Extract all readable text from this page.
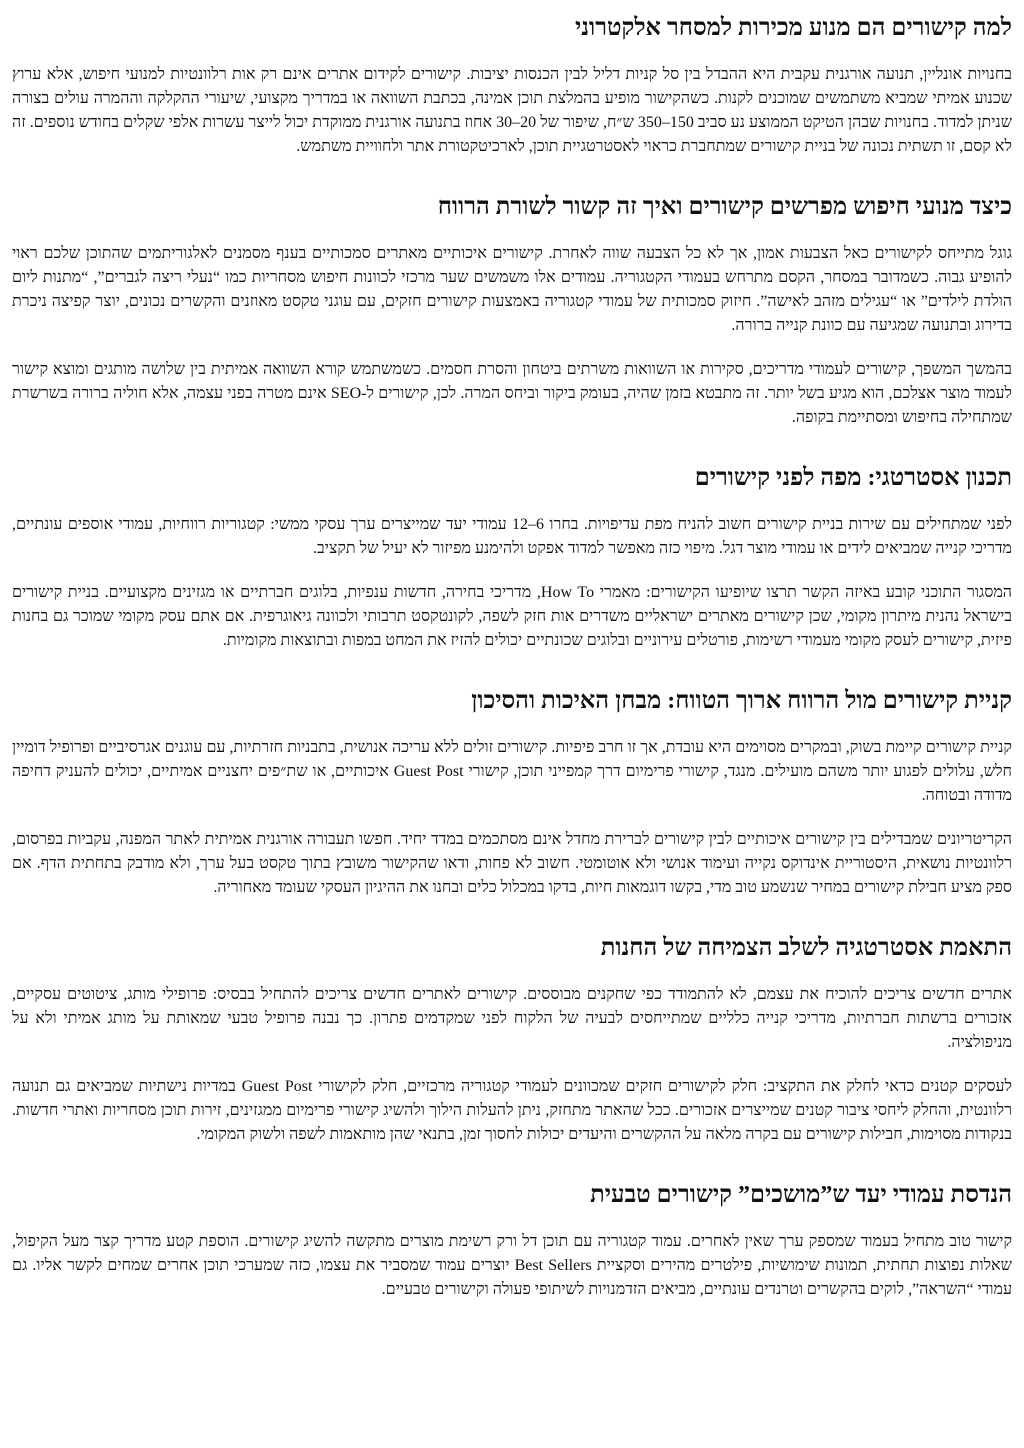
למה קישורים הם מנוע מכירות למסחר אלקטרוני

בחנויות אונליין, תנועה אורגנית עקבית היא ההבדל בין סל קניות דליל לבין הכנסות יציבות. קישורים לקידום אתרים אינם רק אות רלוונטיות למנועי חיפוש, אלא ערוץ שכנוע אמיתי שמביא משתמשים שמוכנים לקנות. כשהקישור מופיע בהמלצת תוכן אמינה, בכתבת השוואה או במדריך מקצועי, שיעורי ההקלקה וההמרה עולים בצורה שניתן למדוד. בחנויות שבהן הטיקט הממוצע נע סביב 150–350 ש״ח, שיפור של 20–30 אחוז בתנועה אורגנית ממוקדת יכול לייצר עשרות אלפי שקלים בחודש נוספים. זה לא קסם, זו תשתית נכונה של בניית קישורים שמתחברת כראוי לאסטרטגיית תוכן, לארכיטקטורת אתר ולחוויית משתמש.

כיצד מנועי חיפוש מפרשים קישורים ואיך זה קשור לשורת הרווח

גוגל מתייחס לקישורים כאל הצבעות אמון, אך לא כל הצבעה שווה לאחרת. קישורים איכותיים מאתרים סמכותיים בענף מסמנים לאלגוריתמים שהתוכן שלכם ראוי להופיע גבוה. כשמדובר במסחר, הקסם מתרחש בעמודי הקטגוריה. עמודים אלו משמשים שער מרכזי לכוונות חיפוש מסחריות כמו “נעלי ריצה לגברים”, “מתנות ליום הולדת לילדים” או “עגילים מזהב לאישה”. חיזוק סמכותית של עמודי קטגוריה באמצעות קישורים חזקים, עם עוגני טקסט מאוזנים והקשרים נכונים, יוצר קפיצה ניכרת בדירוג ובתנועה שמגיעה עם כוונת קנייה ברורה.

בהמשך המשפך, קישורים לעמודי מדריכים, סקירות או השוואות משרתים ביטחון והסרת חסמים. כשמשתמש קורא השוואה אמיתית בין שלושה מותגים ומוצא קישור לעמוד מוצר אצלכם, הוא מגיע בשל יותר. זה מתבטא בזמן שהיה, בעומק ביקור וביחס המרה. לכן, קישורים ל-SEO אינם מטרה בפני עצמה, אלא חוליה ברורה בשרשרת שמתחילה בחיפוש ומסתיימת בקופה.

תכנון אסטרטגי: מפה לפני קישורים

לפני שמתחילים עם שירות בניית קישורים חשוב להניח מפת עדיפויות. בחרו 6–12 עמודי יעד שמייצרים ערך עסקי ממשי: קטגוריות רווחיות, עמודי אוספים עונתיים, מדריכי קנייה שמביאים לידים או עמודי מוצר דגל. מיפוי כזה מאפשר למדוד אפקט ולהימנע מפיזור לא יעיל של תקציב.

המסגור התוכני קובע באיזה הקשר תרצו שיופיעו הקישורים: מאמרי How To, מדריכי בחירה, חדשות ענפיות, בלוגים חברתיים או מגזינים מקצועיים. בניית קישורים בישראל נהנית מיתרון מקומי, שכן קישורים מאתרים ישראליים משדרים אות חזק לשפה, לקונטקסט תרבותי ולכוונה גיאוגרפית. אם אתם עסק מקומי שמוכר גם בחנות פיזית, קישורים לעסק מקומי מעמודי רשימות, פורטלים עירוניים ובלוגים שכונתיים יכולים להזיז את המחט במפות ובתוצאות מקומיות.

קניית קישורים מול הרווח ארוך הטווח: מבחן האיכות והסיכון

קניית קישורים קיימת בשוק, ובמקרים מסוימים היא עובדת, אך זו חרב פיפיות. קישורים זולים ללא עריכה אנושית, בתבניות חזרתיות, עם עוגנים אגרסיביים ופרופיל דומיין חלש, עלולים לפגוע יותר משהם מועילים. מנגד, קישורי פרימיום דרך קמפייני תוכן, קישורי Guest Post איכותיים, או שת״פים יחצניים אמיתיים, יכולים להעניק דחיפה מדודה ובטוחה.

הקריטריונים שמבדילים בין קישורים איכותיים לבין קישורים לברירת מחדל אינם מסתכמים במדד יחיד. חפשו תעבורה אורגנית אמיתית לאתר המפנה, עקביות בפרסום, רלוונטיות נושאית, היסטוריית אינדוקס נקייה ועימוד אנושי ולא אוטומטי. חשוב לא פחות, ודאו שהקישור משובץ בתוך טקסט בעל ערך, ולא מודבק בתחתית הדף. אם ספק מציע חבילת קישורים במחיר שנשמע טוב מדי, בקשו דוגמאות חיות, בדקו במכלול כלים ובחנו את ההיגיון העסקי שעומד מאחוריה.

התאמת אסטרטגיה לשלב הצמיחה של החנות

אתרים חדשים צריכים להוכיח את עצמם, לא להתמודד כפי שחקנים מבוססים. קישורים לאתרים חדשים צריכים להתחיל בבסיס: פרופילי מותג, ציטוטים עסקיים, אזכורים ברשתות חברתיות, מדריכי קנייה כלליים שמתייחסים לבעיה של הלקוח לפני שמקדמים פתרון. כך נבנה פרופיל טבעי שמאותת על מותג אמיתי ולא על מניפולציה.

לעסקים קטנים כדאי לחלק את התקציב: חלק לקישורים חזקים שמכוונים לעמודי קטגוריה מרכזיים, חלק לקישורי Guest Post במדיות נישתיות שמביאים גם תנועה רלוונטית, והחלק ליחסי ציבור קטנים שמייצרים אזכורים. ככל שהאתר מתחזק, ניתן להעלות הילוך ולהשיג קישורי פרימיום ממגזינים, זירות תוכן מסחריות ואתרי חדשות. בנקודות מסוימות, חבילות קישורים עם בקרה מלאה על ההקשרים והיעדים יכולות לחסוך זמן, בתנאי שהן מותאמות לשפה ולשוק המקומי.

הנדסת עמודי יעד ש”מושכים” קישורים טבעית

קישור טוב מתחיל בעמוד שמספק ערך שאין לאחרים. עמוד קטגוריה עם תוכן דל ורק רשימת מוצרים מתקשה להשיג קישורים. הוספת קטע מדריך קצר מעל הקיפול, שאלות נפוצות תחתית, תמונות שימושיות, פילטרים מהירים וסקציית Best Sellers יוצרים עמוד שמסביר את עצמו, כזה שמערכי תוכן אחרים שמחים לקשר אליו. גם עמודי “השראה”, לוקים בהקשרים וטרנדים עונתיים, מביאים הזדמנויות לשיתופי פעולה וקישורים טבעיים.
